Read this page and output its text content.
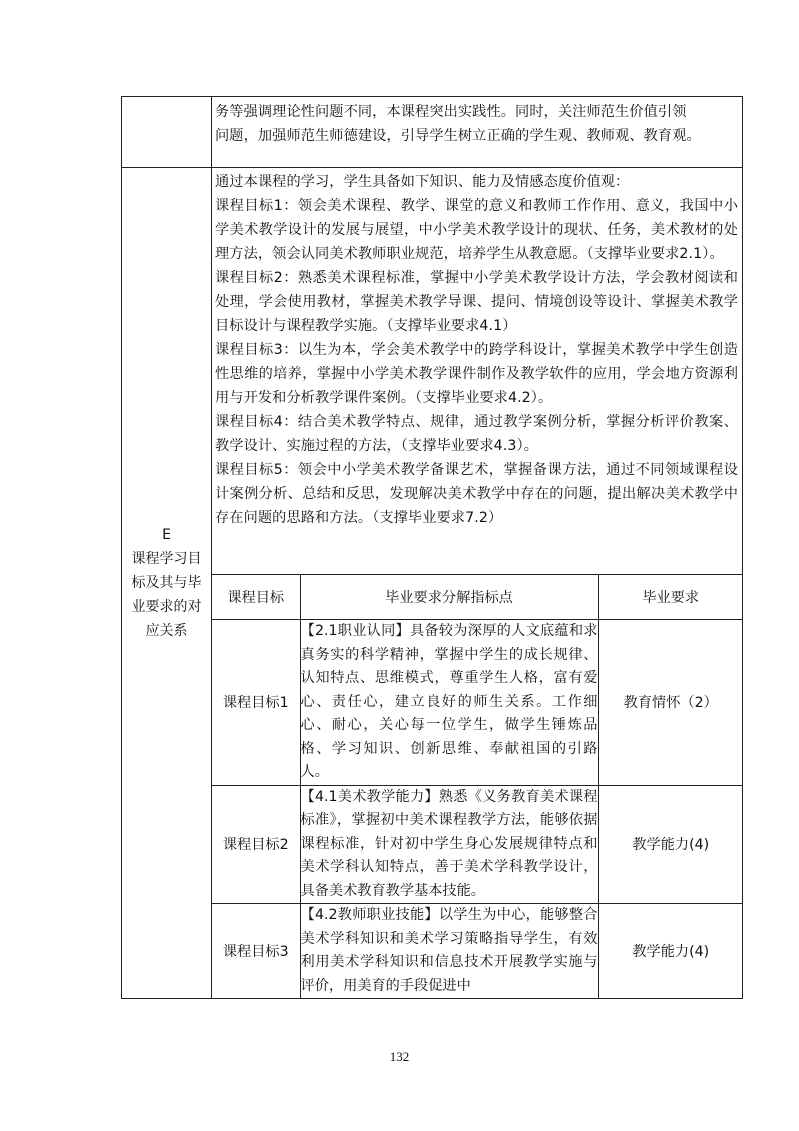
务等强调理论性问题不同，本课程突出实践性。同时，关注师范生价值引领

问题，加强师范生师德建设，引导学生树立正确的学生观、教师观、教育观。

E
课程学习目
标及其与毕
业要求的对
应关系

通过本课程的学习，学生具备如下知识、能力及情感态度价值观：

课程目标1：领会美术课程、教学、课堂的意义和教师工作作用、意义，我国中小学美术教学设计的发展与展望，中小学美术教学设计的现状、任务，美术教材的处理方法，领会认同美术教师职业规范，培养学生从教意愿。（支撑毕业要求2.1）。

课程目标2：熟悉美术课程标准，掌握中小学美术教学设计方法，学会教材阅读和处理，学会使用教材，掌握美术教学导课、提问、情境创设等设计、掌握美术教学目标设计与课程教学实施。（支撑毕业要求4.1）

课程目标3：以生为本，学会美术教学中的跨学科设计，掌握美术教学中学生创造性思维的培养，掌握中小学美术教学课件制作及教学软件的应用，学会地方资源利用与开发和分析教学课件案例。（支撑毕业要求4.2）。

课程目标4：结合美术教学特点、规律，通过教学案例分析，掌握分析评价教案、教学设计、实施过程的方法，（支撑毕业要求4.3）。

课程目标5：领会中小学美术教学备课艺术，掌握备课方法，通过不同领域课程设计案例分析、总结和反思，发现解决美术教学中存在的问题，提出解决美术教学中存在问题的思路和方法。（支撑毕业要求7.2）

课程目标	毕业要求分解指标点	毕业要求
课程目标1	【2.1职业认同】具备较为深厚的人文底蕴和求真务实的科学精神，掌握中学生的成长规律、认知特点、思维模式，尊重学生人格，富有爱心、责任心，建立良好的师生关系。工作细心、耐心，关心每一位学生，做学生锤炼品格、学习知识、创新思维、奉献祖国的引路人。	教育情怀（2）
课程目标2	【4.1美术教学能力】熟悉《义务教育美术课程标准》，掌握初中美术课程教学方法，能够依据课程标准，针对初中学生身心发展规律特点和美术学科认知特点，善于美术学科教学设计，具备美术教育教学基本技能。	教学能力(4)
课程目标3	【4.2教师职业技能】以学生为中心，能够整合美术学科知识和美术学习策略指导学生，有效利用美术学科知识和信息技术开展教学实施与评价，用美育的手段促进中	教学能力(4)
132
